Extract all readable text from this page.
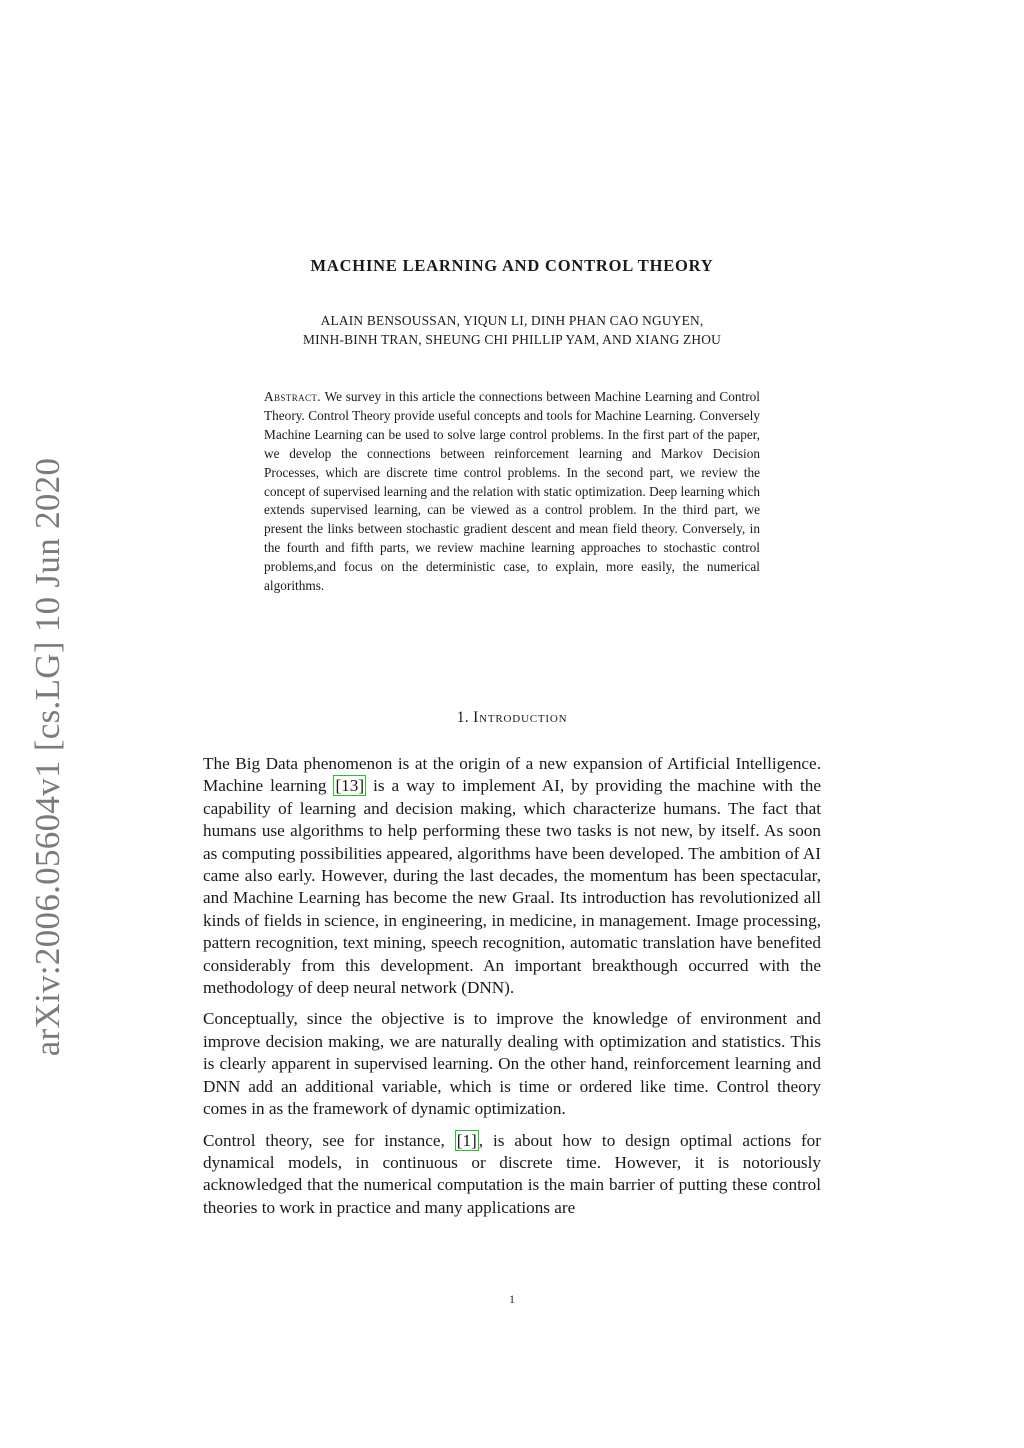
arXiv:2006.05604v1 [cs.LG] 10 Jun 2020
MACHINE LEARNING AND CONTROL THEORY
ALAIN BENSOUSSAN, YIQUN LI, DINH PHAN CAO NGUYEN,
MINH-BINH TRAN, SHEUNG CHI PHILLIP YAM, AND XIANG ZHOU
Abstract. We survey in this article the connections between Machine Learning and Control Theory. Control Theory provide useful concepts and tools for Machine Learning. Conversely Machine Learning can be used to solve large control problems. In the first part of the paper, we develop the connections between reinforcement learning and Markov Decision Processes, which are discrete time control problems. In the second part, we review the concept of supervised learning and the relation with static optimization. Deep learning which extends supervised learning, can be viewed as a control problem. In the third part, we present the links between stochastic gradient descent and mean field theory. Conversely, in the fourth and fifth parts, we review machine learning approaches to stochastic control problems,and focus on the deterministic case, to explain, more easily, the numerical algorithms.
1. Introduction

The Big Data phenomenon is at the origin of a new expansion of Artificial Intelligence. Machine learning [13] is a way to implement AI, by providing the machine with the capability of learning and decision making, which characterize humans. The fact that humans use algorithms to help performing these two tasks is not new, by itself. As soon as computing possibilities appeared, algorithms have been developed. The ambition of AI came also early. However, during the last decades, the momentum has been spectacular, and Machine Learning has become the new Graal. Its introduction has revolutionized all kinds of fields in science, in engineering, in medicine, in management. Image processing, pattern recognition, text mining, speech recognition, automatic translation have benefited considerably from this development. An important breakthough occurred with the methodology of deep neural network (DNN).

Conceptually, since the objective is to improve the knowledge of environment and improve decision making, we are naturally dealing with optimization and statistics. This is clearly apparent in supervised learning. On the other hand, reinforcement learning and DNN add an additional variable, which is time or ordered like time. Control theory comes in as the framework of dynamic optimization.

Control theory, see for instance, [1] , is about how to design optimal actions for dynamical models, in continuous or discrete time. However, it is notoriously acknowledged that the numerical computation is the main barrier of putting these control theories to work in practice and many applications are

1
